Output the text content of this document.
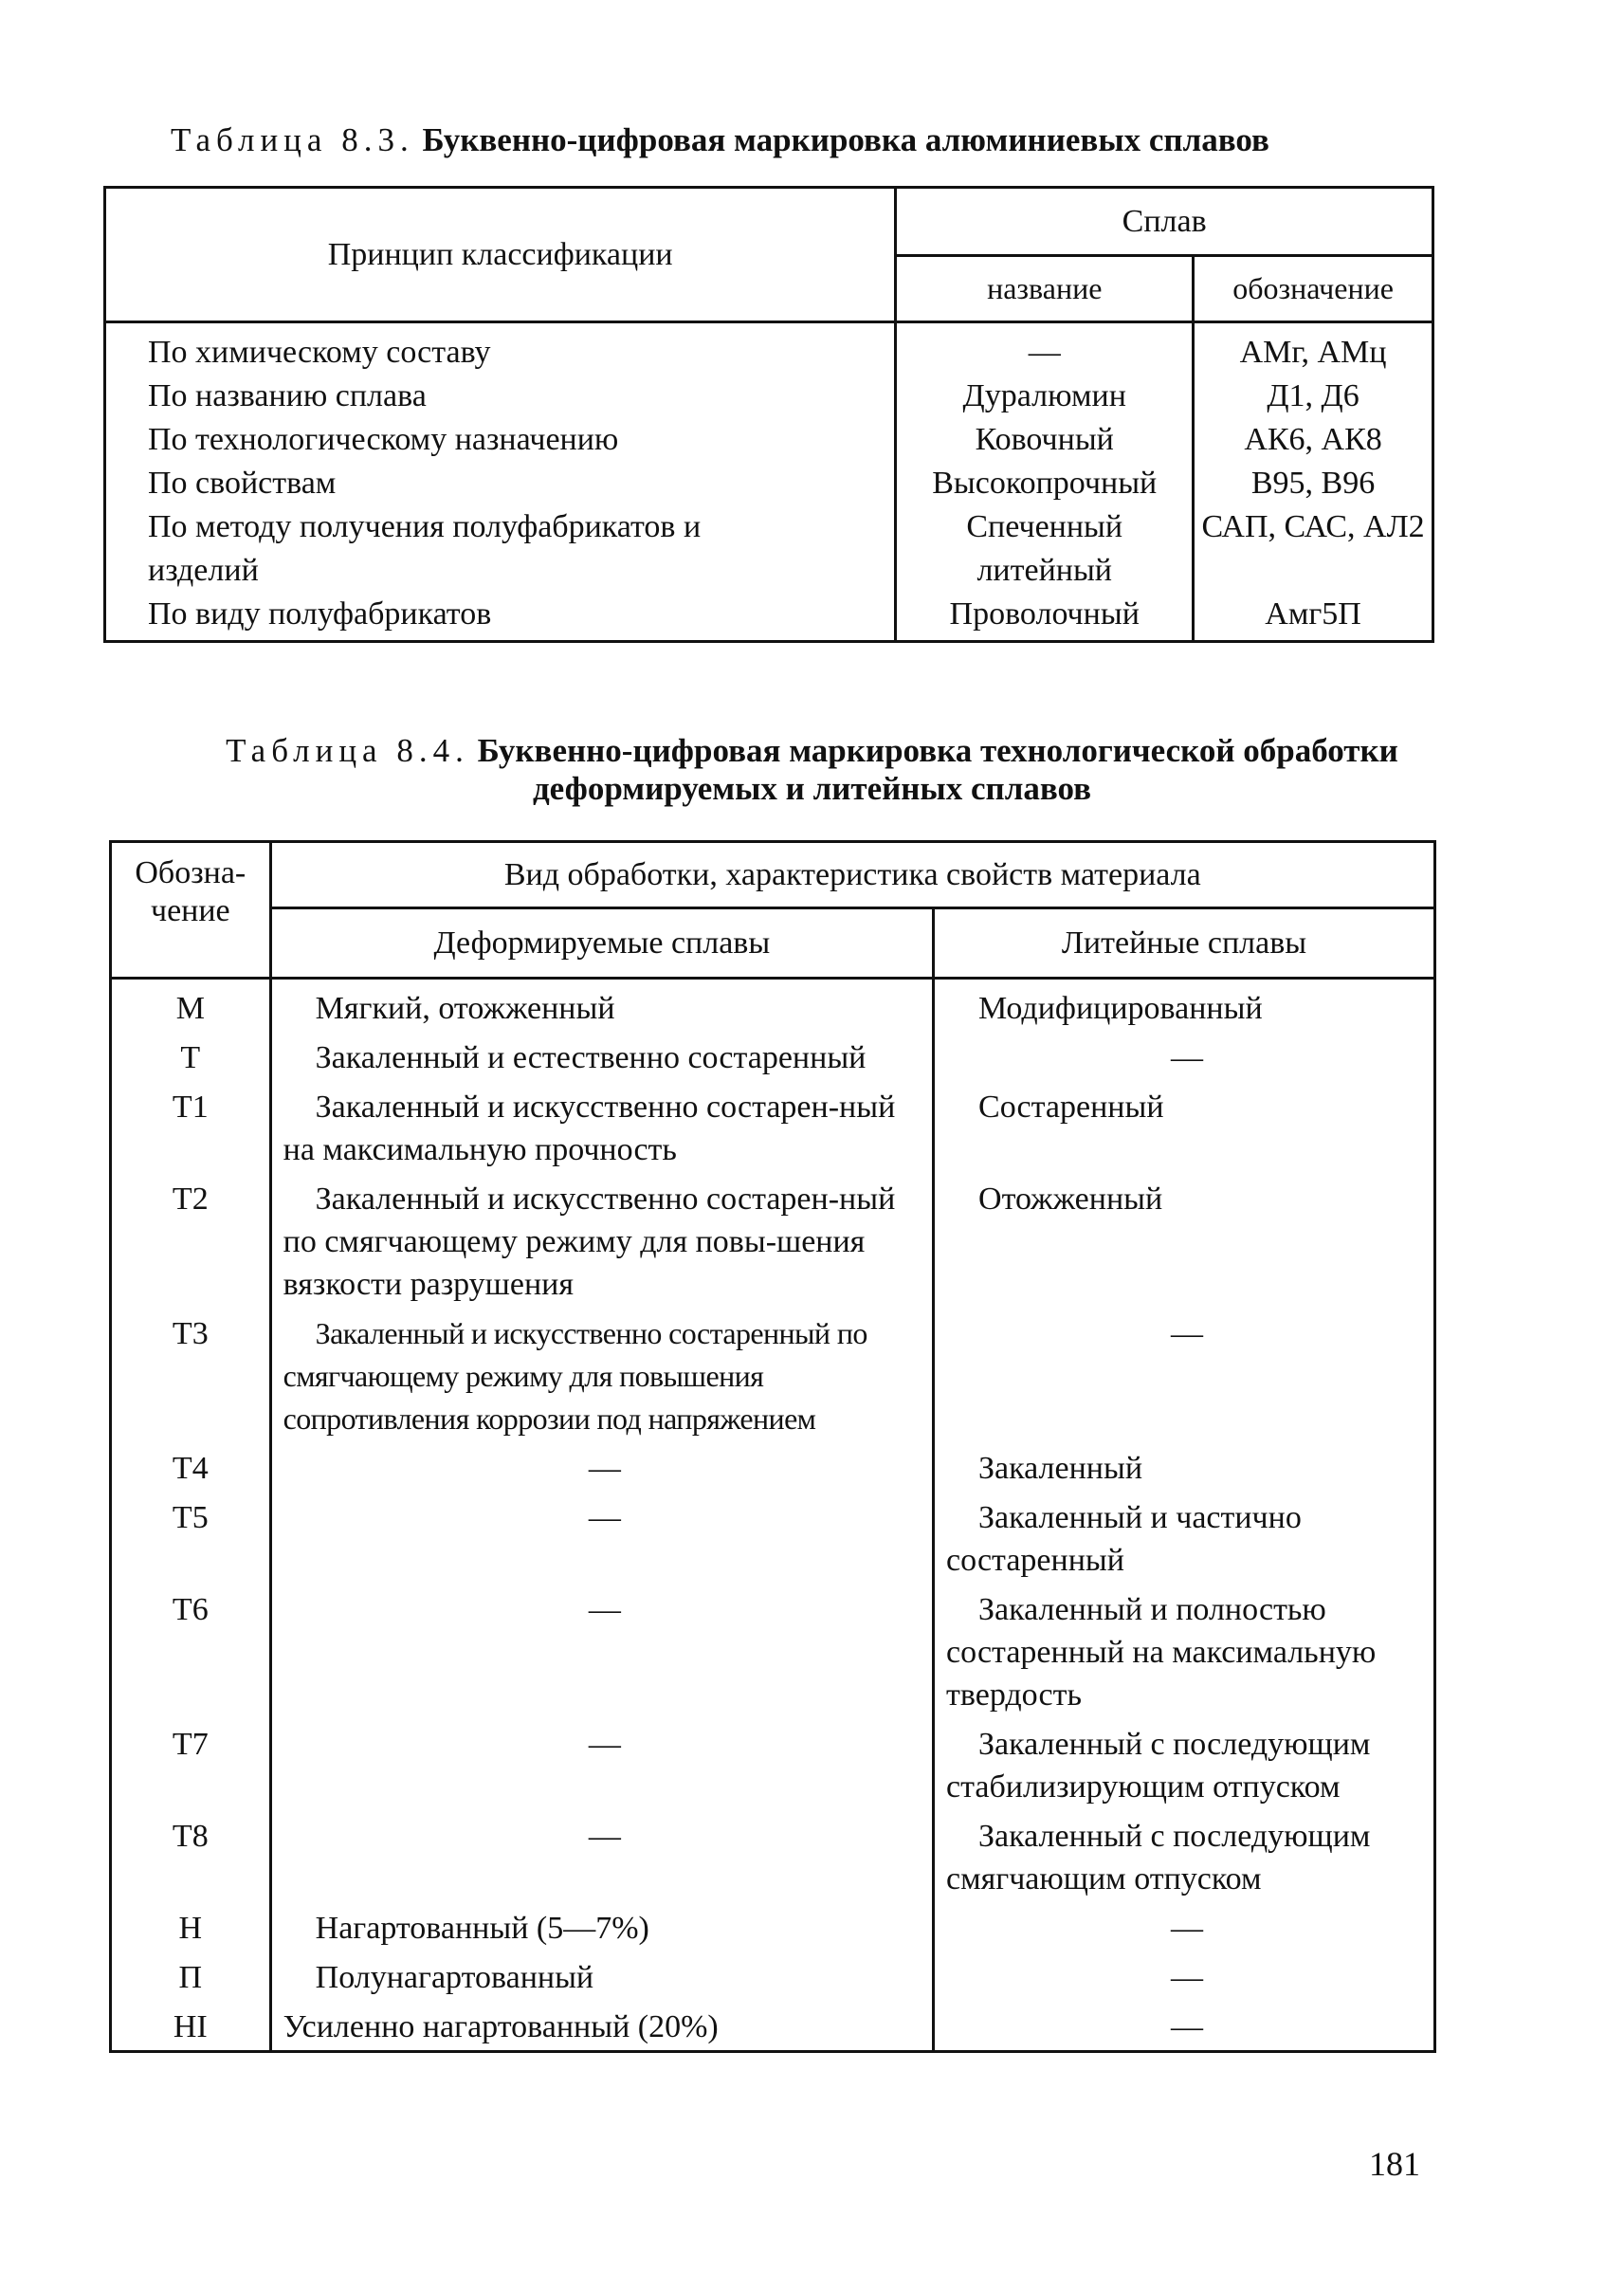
Таблица 8.3. Буквенно-цифровая маркировка алюминиевых сплавов
Принцип классификации	Сплав	
	название	обозначение

По химическому составу	—	АМг, АМц

По названию сплава	Дуралюмин	Д1, Д6

По технологическому назначению	Ковочный	АК6, АК8

По свойствам	Высокопрочный	В95, В96

По методу получения полуфабрикатов и изделий	Спеченный литейный	САП, САС, АЛ2

По виду полуфабрикатов	Проволочный	Амг5П
Таблица 8.4. Буквенно-цифровая маркировка технологической обработки
деформируемых и литейных сплавов
Обозна-чение	Вид обработки, характеристика свойств материала	
	Деформируемые сплавы	Литейные сплавы
М	Мягкий, отожженный	Модифицированный
Т	Закаленный и естественно состаренный	—
Т1	Закаленный и искусственно состарен-ный на максимальную прочность	Состаренный
Т2	Закаленный и искусственно состарен-ный по смягчающему режиму для повы-шения вязкости разрушения	Отожженный
Т3	Закаленный и искусственно состаренный по смягчающему режиму для повышения сопротивления коррозии под напряжением	—
Т4	—	Закаленный
Т5	—	Закаленный и частично состаренный
Т6	—	Закаленный и полностью состаренный на максимальную твердость
Т7	—	Закаленный с последующим стабилизирующим отпуском
Т8	—	Закаленный с последующим смягчающим отпуском
Н	Нагартованный (5—7%)	—
П	Полунагартованный	—
НI	Усиленно нагартованный (20%)	—
181
